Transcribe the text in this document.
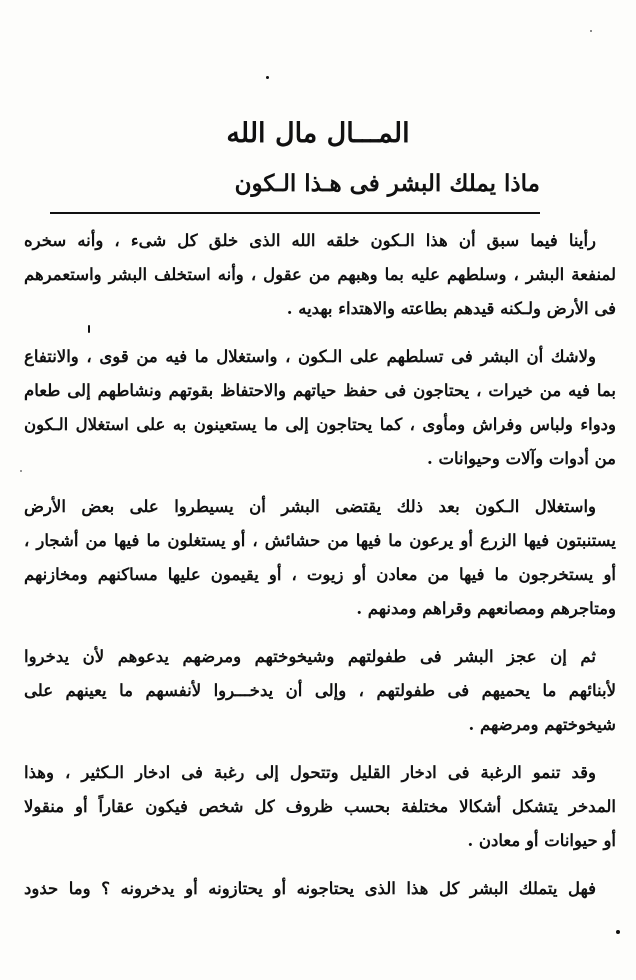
المـــال مال الله
ماذا يملك البشر فى هـذا الـكون
رأينا فيما سبق أن هذا الـكون خلقه الله الذى خلق كل شىء ، وأنه سخره
لمنفعة البشر ، وسلطهم عليه بما وهبهم من عقول ، وأنه استخلف البشر واستعمرهم
فى الأرض ولـكنه قيدهم بطاعته والاهتداء بهديه .
ولاشك أن البشر فى تسلطهم على الـكون ، واستغلال ما فيه من قوى ، والانتفاع
بما فيه من خيرات ، يحتاجون فى حفظ حياتهم والاحتفاظ بقوتهم ونشاطهم إلى طعام
ودواء ولباس وفراش ومأوى ، كما يحتاجون إلى ما يستعينون به على استغلال الـكون
من أدوات وآلات وحيوانات .
واستغلال الـكون بعد ذلك يقتضى البشر أن يسيطروا على بعض الأرض
يستنبتون فيها الزرع أو يرعون ما فيها من حشائش ، أو يستغلون ما فيها من أشجار ،
أو يستخرجون ما فيها من معادن أو زيوت ، أو يقيمون عليها مساكنهم ومخازنهم
ومتاجرهم ومصانعهم وقراهم ومدنهم .
ثم إن عجز البشر فى طفولتهم وشيخوختهم ومرضهم يدعوهم لأن يدخروا
لأبنائهم ما يحميهم فى طفولتهم ، وإلى أن يدخـــروا لأنفسهم ما يعينهم على
شيخوختهم ومرضهم .
وقد تنمو الرغبة فى ادخار القليل وتتحول إلى رغبة فى ادخار الـكثير ، وهذا
المدخر يتشكل أشكالا مختلفة بحسب ظروف كل شخص فيكون عقاراً أو منقولا
أو حيوانات أو معادن .
فهل يتملك البشر كل هذا الذى يحتاجونه أو يحتازونه أو يدخرونه ؟ وما حدود
